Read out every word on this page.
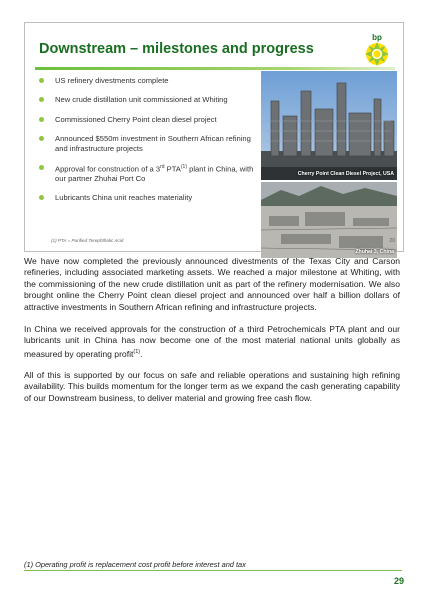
Downstream – milestones and progress
bp
US refinery divestments complete
New crude distillation unit commissioned at Whiting
Commissioned Cherry Point clean diesel project
Announced $550m investment in Southern African refining and infrastructure projects
Approval for construction of a 3rd PTA$^{(1)}$ plant in China, with our partner Zhuhai Port Co
Lubricants China unit reaches materiality
Cherry Point Clean Diesel Project, USA
Zhuhai 3, China
(1) PTA = Purified Terephthalic Acid	20

We have now completed the previously announced divestments of the Texas City and Carson refineries, including associated marketing assets. We reached a major milestone at Whiting, with the commissioning of the new crude distillation unit as part of the refinery modernisation. We also brought online the Cherry Point clean diesel project and announced over half a billion dollars of attractive investments in Southern African refining and infrastructure projects.

In China we received approvals for the construction of a third Petrochemicals PTA plant and our lubricants unit in China has now become one of the most material national units globally as measured by operating profit$^{(1)}$.

All of this is supported by our focus on safe and reliable operations and sustaining high refining availability. This builds momentum for the longer term as we expand the cash generating capability of our Downstream business, to deliver material and growing free cash flow.

(1) Operating profit is replacement cost profit before interest and tax
29
